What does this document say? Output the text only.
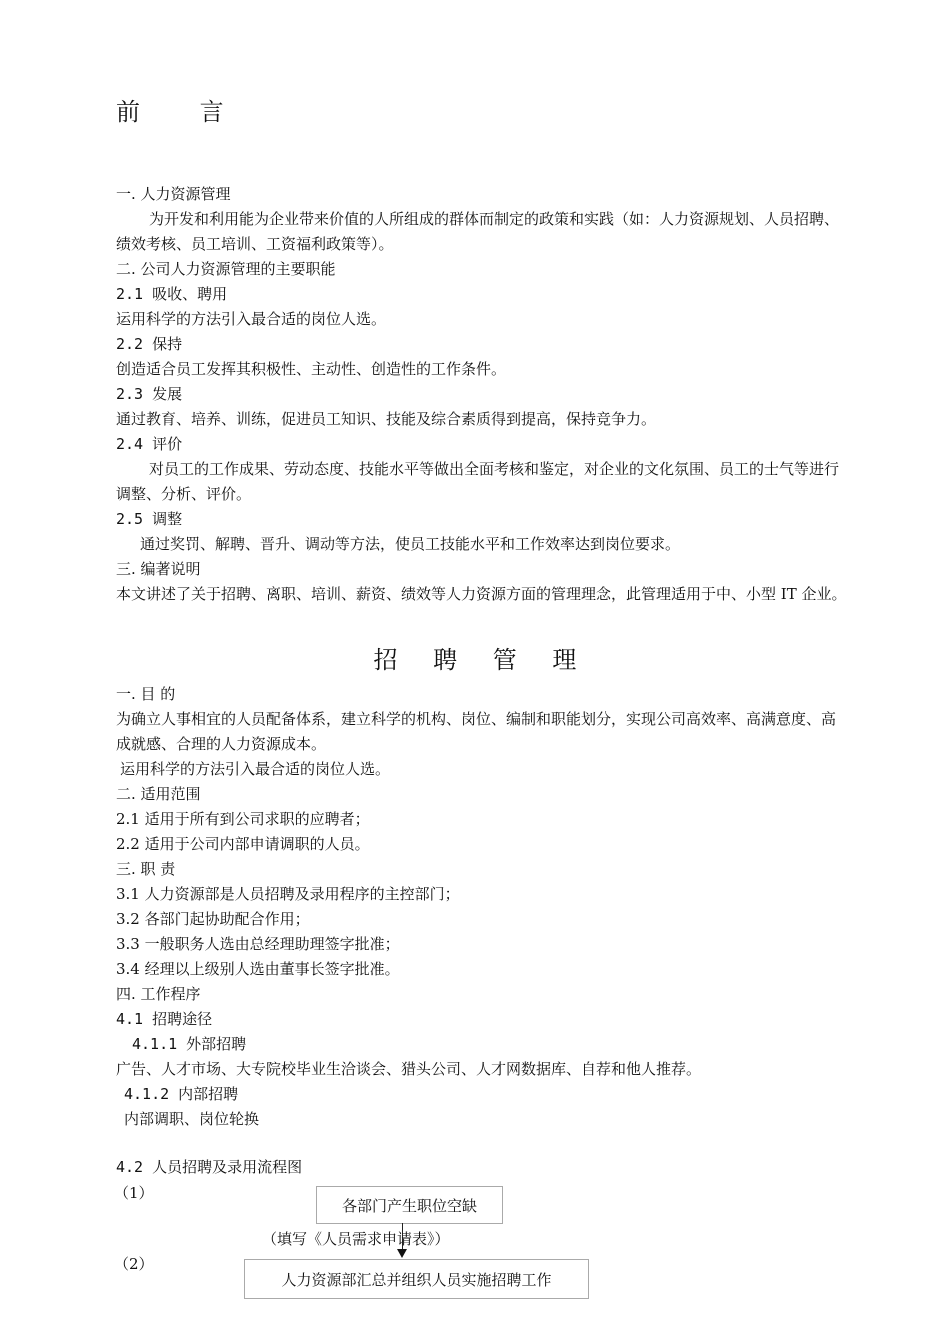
前 言
一. 人力资源管理
为开发和利用能为企业带来价值的人所组成的群体而制定的政策和实践（如：人力资源规划、人员招聘、绩效考核、员工培训、工资福利政策等）。
二. 公司人力资源管理的主要职能
2.1 吸收、聘用
运用科学的方法引入最合适的岗位人选。
2.2 保持
创造适合员工发挥其积极性、主动性、创造性的工作条件。
2.3 发展
通过教育、培养、训练，促进员工知识、技能及综合素质得到提高，保持竞争力。
2.4 评价
对员工的工作成果、劳动态度、技能水平等做出全面考核和鉴定，对企业的文化氛围、员工的士气等进行调整、分析、评价。
2.5 调整
通过奖罚、解聘、晋升、调动等方法，使员工技能水平和工作效率达到岗位要求。
三. 编著说明
本文讲述了关于招聘、离职、培训、薪资、绩效等人力资源方面的管理理念，此管理适用于中、小型 IT 企业。
招 聘 管 理
一. 目 的
为确立人事相宜的人员配备体系，建立科学的机构、岗位、编制和职能划分，实现公司高效率、高满意度、高成就感、合理的人力资源成本。
运用科学的方法引入最合适的岗位人选。
二. 适用范围
2.1 适用于所有到公司求职的应聘者；
2.2 适用于公司内部申请调职的人员。
三. 职 责
3.1 人力资源部是人员招聘及录用程序的主控部门；
3.2 各部门起协助配合作用；
3.3 一般职务人选由总经理助理签字批准；
3.4 经理以上级别人选由董事长签字批准。
四. 工作程序
4.1 招聘途径
4.1.1 外部招聘
广告、人才市场、大专院校毕业生洽谈会、猎头公司、人才网数据库、自荐和他人推荐。
4.1.2 内部招聘
内部调职、岗位轮换
4.2 人员招聘及录用流程图
（1）
各部门产生职位空缺
（填写《人员需求申请表》）
（2）
人力资源部汇总并组织人员实施招聘工作
